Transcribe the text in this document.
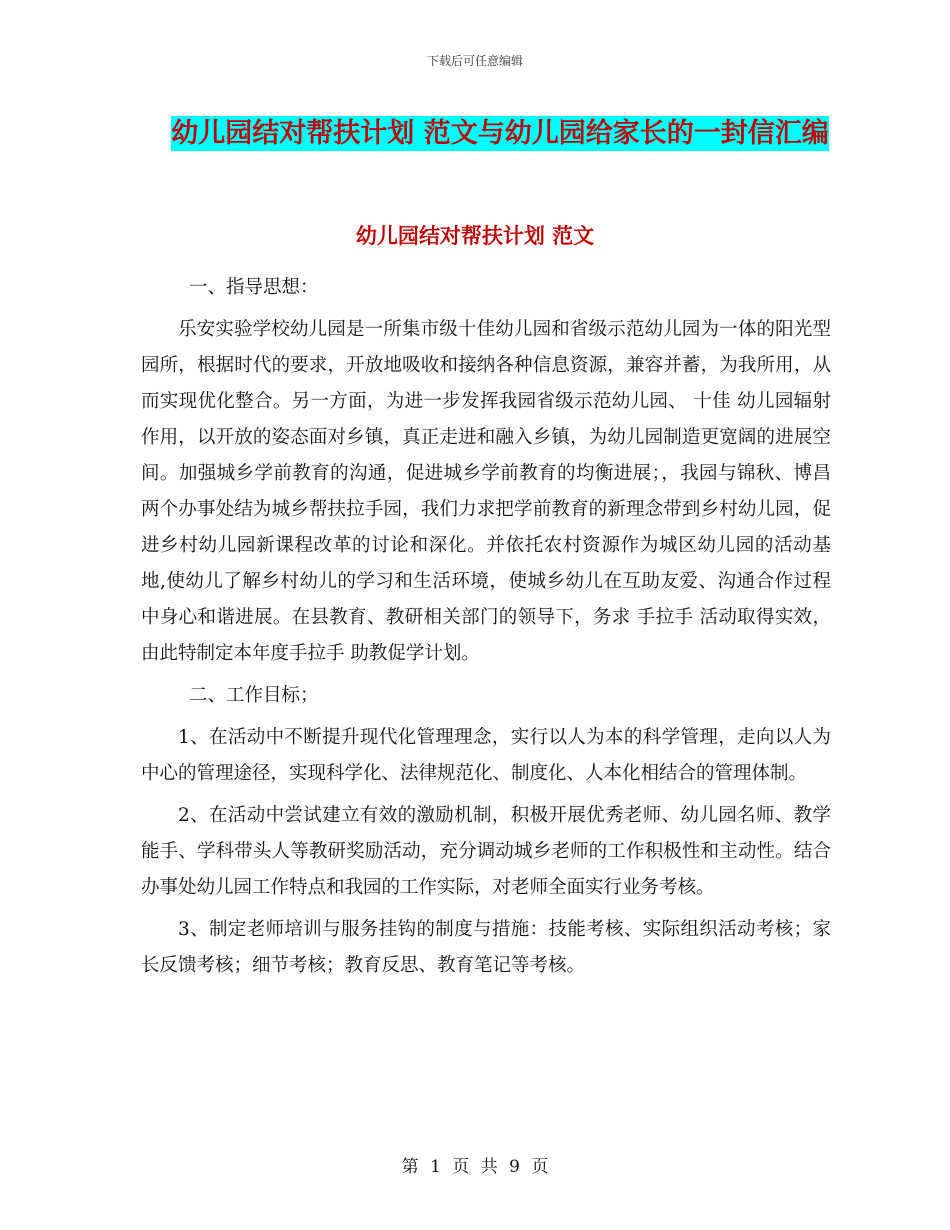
下载后可任意编辑
幼儿园结对帮扶计划 范文与幼儿园给家长的一封信汇编
幼儿园结对帮扶计划 范文

一、指导思想：

乐安实验学校幼儿园是一所集市级十佳幼儿园和省级示范幼儿园为一体的阳光型园所，根据时代的要求，开放地吸收和接纳各种信息资源，兼容并蓄，为我所用，从而实现优化整合。另一方面，为进一步发挥我园省级示范幼儿园、 十佳 幼儿园辐射作用，以开放的姿态面对乡镇，真正走进和融入乡镇，为幼儿园制造更宽阔的进展空间。加强城乡学前教育的沟通，促进城乡学前教育的均衡进展；，我园与锦秋、博昌两个办事处结为城乡帮扶拉手园，我们力求把学前教育的新理念带到乡村幼儿园，促进乡村幼儿园新课程改革的讨论和深化。并依托农村资源作为城区幼儿园的活动基地,使幼儿了解乡村幼儿的学习和生活环境，使城乡幼儿在互助友爱、沟通合作过程中身心和谐进展。在县教育、教研相关部门的领导下，务求 手拉手 活动取得实效，由此特制定本年度手拉手 助教促学计划。

二、工作目标；

1、在活动中不断提升现代化管理理念，实行以人为本的科学管理，走向以人为中心的管理途径，实现科学化、法律规范化、制度化、人本化相结合的管理体制。

2、在活动中尝试建立有效的激励机制，积极开展优秀老师、幼儿园名师、教学能手、学科带头人等教研奖励活动，充分调动城乡老师的工作积极性和主动性。结合办事处幼儿园工作特点和我园的工作实际，对老师全面实行业务考核。

3、制定老师培训与服务挂钩的制度与措施：技能考核、实际组织活动考核；家长反馈考核；细节考核；教育反思、教育笔记等考核。

第 1 页 共 9 页
